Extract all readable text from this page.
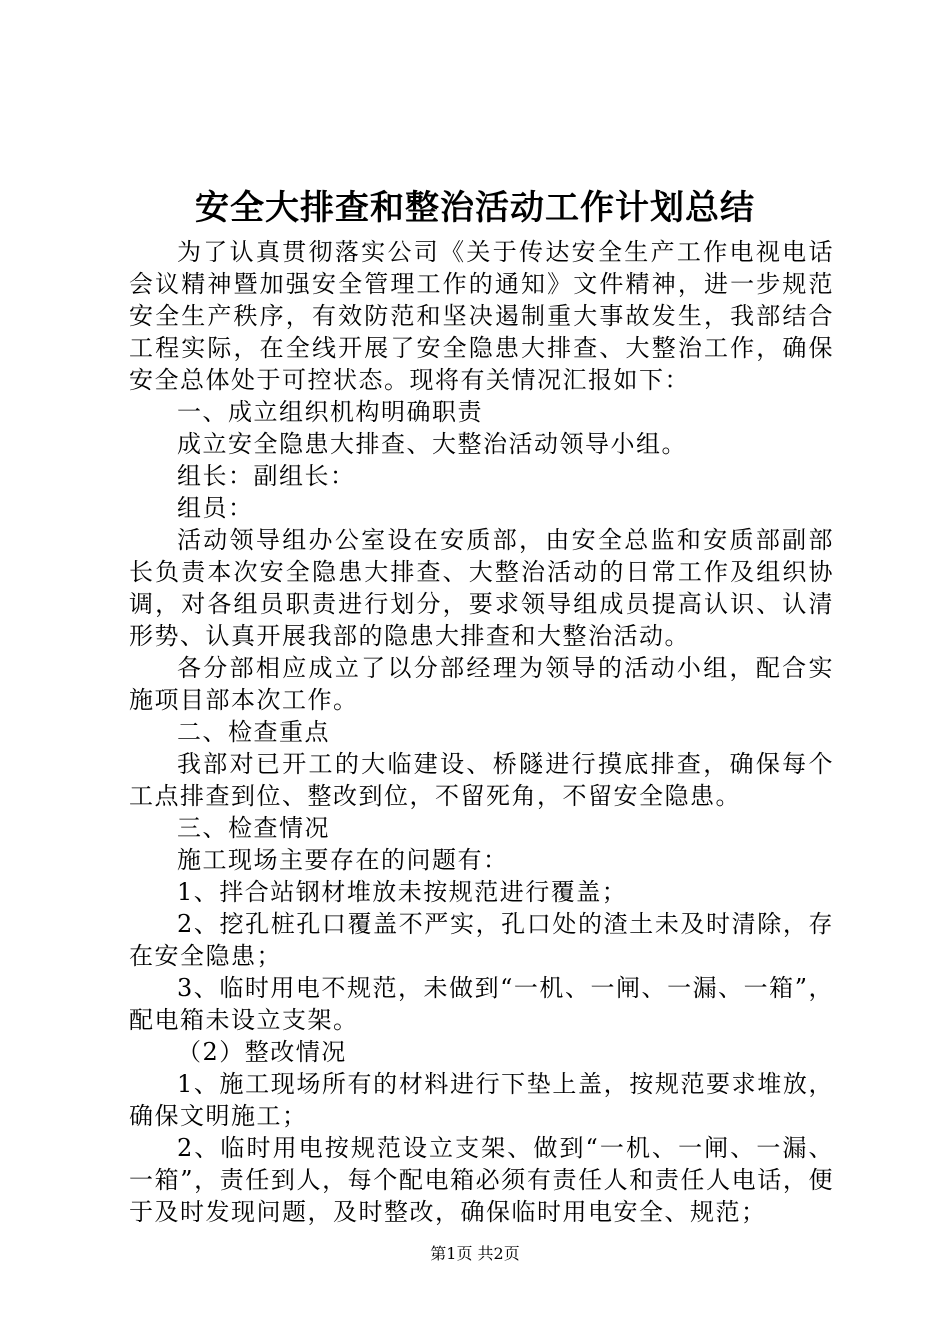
安全大排查和整治活动工作计划总结

为了认真贯彻落实公司《关于传达安全生产工作电视电话会议精神暨加强安全管理工作的通知》文件精神，进一步规范安全生产秩序，有效防范和坚决遏制重大事故发生，我部结合工程实际，在全线开展了安全隐患大排查、大整治工作，确保安全总体处于可控状态。现将有关情况汇报如下：

一、成立组织机构明确职责

成立安全隐患大排查、大整治活动领导小组。

组长：副组长：

组员：

活动领导组办公室设在安质部，由安全总监和安质部副部长负责本次安全隐患大排查、大整治活动的日常工作及组织协调，对各组员职责进行划分，要求领导组成员提高认识、认清形势、认真开展我部的隐患大排查和大整治活动。

各分部相应成立了以分部经理为领导的活动小组，配合实施项目部本次工作。

二、检查重点

我部对已开工的大临建设、桥隧进行摸底排查，确保每个工点排查到位、整改到位，不留死角，不留安全隐患。

三、检查情况

施工现场主要存在的问题有：

1、拌合站钢材堆放未按规范进行覆盖；

2、挖孔桩孔口覆盖不严实，孔口处的渣土未及时清除，存在安全隐患；

3、临时用电不规范，未做到“一机、一闸、一漏、一箱”，配电箱未设立支架。

（2）整改情况

1、施工现场所有的材料进行下垫上盖，按规范要求堆放，确保文明施工；

2、临时用电按规范设立支架、做到“一机、一闸、一漏、一箱”，责任到人，每个配电箱必须有责任人和责任人电话，便于及时发现问题，及时整改，确保临时用电安全、规范；

第1页 共2页
